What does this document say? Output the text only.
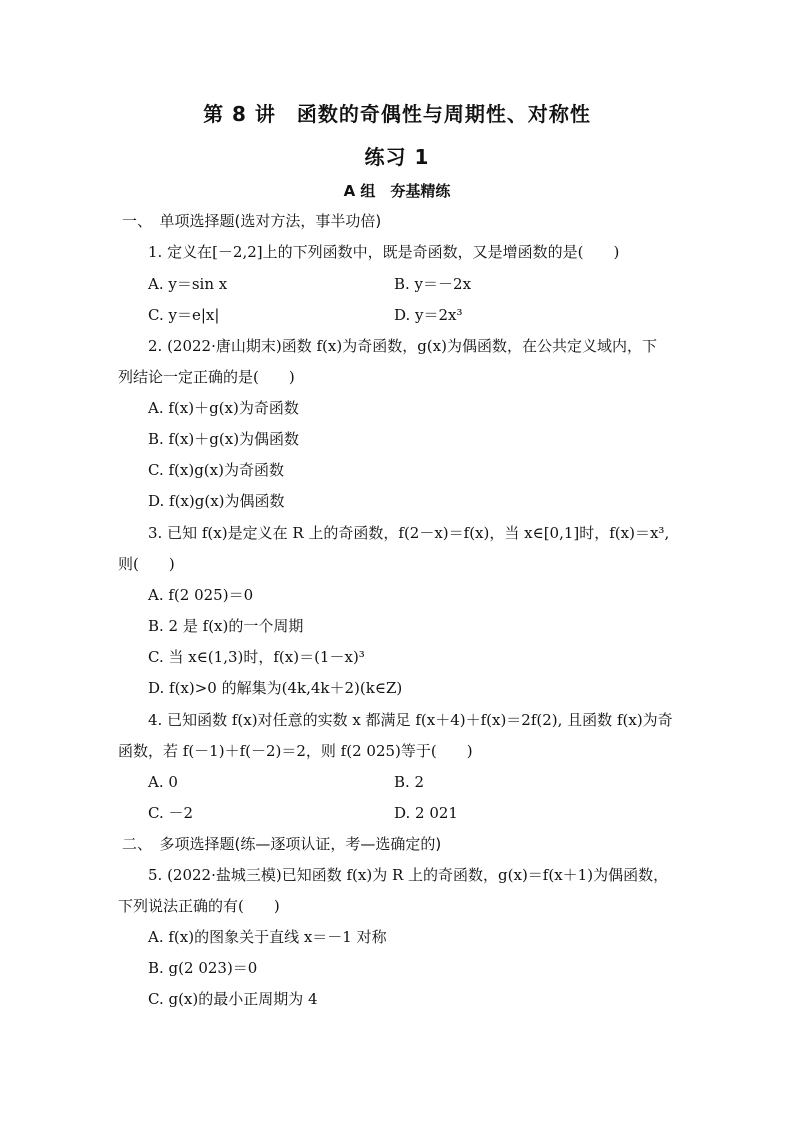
第 8 讲　函数的奇偶性与周期性、对称性
练习 1
A 组　夯基精练
一、　单项选择题(选对方法，事半功倍)
1. 定义在[－2,2]上的下列函数中，既是奇函数，又是增函数的是(　　)
A. y＝sin x	B. y＝－2x
C. y＝e|x|	D. y＝2x³
2. (2022·唐山期末)函数 f(x)为奇函数，g(x)为偶函数，在公共定义域内，下
列结论一定正确的是(　　)
A. f(x)＋g(x)为奇函数
B. f(x)＋g(x)为偶函数
C. f(x)g(x)为奇函数
D. f(x)g(x)为偶函数
3. 已知 f(x)是定义在 R 上的奇函数，f(2－x)＝f(x)，当 x∈[0,1]时，f(x)＝x³,
则(　　)
A. f(2 025)＝0
B. 2 是 f(x)的一个周期
C. 当 x∈(1,3)时，f(x)＝(1－x)³
D. f(x)>0 的解集为(4k,4k＋2)(k∈Z)
4. 已知函数 f(x)对任意的实数 x 都满足 f(x＋4)＋f(x)＝2f(2), 且函数 f(x)为奇
函数，若 f(－1)＋f(－2)＝2，则 f(2 025)等于(　　)
A. 0	B. 2
C. －2	D. 2 021
二、　多项选择题(练—逐项认证，考—选确定的)
5. (2022·盐城三模)已知函数 f(x)为 R 上的奇函数，g(x)＝f(x＋1)为偶函数，
下列说法正确的有(　　)
A. f(x)的图象关于直线 x＝－1 对称
B. g(2 023)＝0
C. g(x)的最小正周期为 4
